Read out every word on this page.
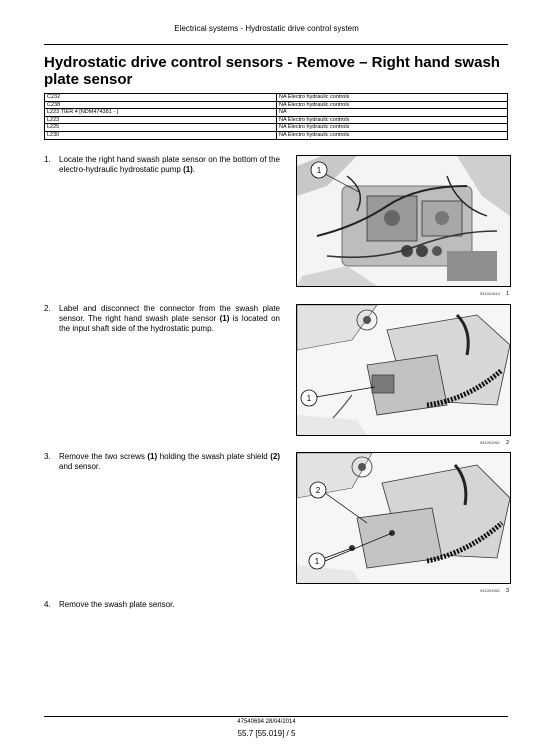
Electrical systems - Hydrostatic drive control system
Hydrostatic drive control sensors - Remove – Right hand swash plate sensor
C232	NA Electro hydraulic controls
C238	NA Electro hydraulic controls
L223 TIER 4 [NDM474381 - ]	NA
L223	NA Electro hydraulic controls
L225	NA Electro hydraulic controls
L230	NA Electro hydraulic controls
1.	Locate the right hand swash plate sensor on the bottom of the electro-hydraulic hydrostatic pump (1).
2.	Label and disconnect the connector from the swash plate sensor. The right hand swash plate sensor (1) is located on the input shaft side of the hydrostatic pump.
3.	Remove the two screws (1) holding the swash plate shield (2) and sensor.
4.	Remove the swash plate sensor.
1
931001814 1
1
931001961 2
2
1
931001961 3
47540694 28/04/2014
55.7 [55.019] / 5
